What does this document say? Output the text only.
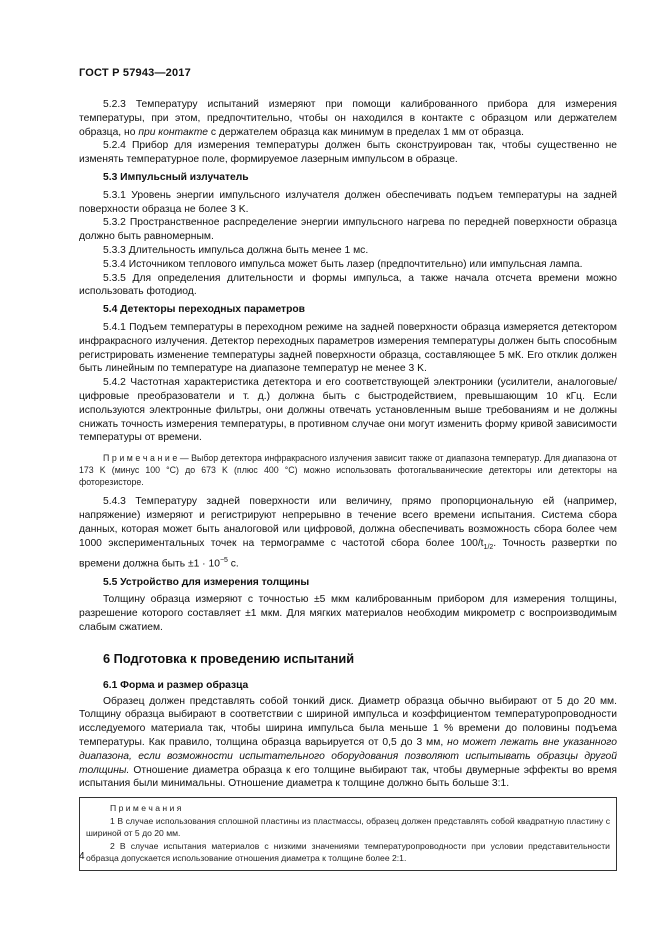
ГОСТ Р 57943—2017

5.2.3 Температуру испытаний измеряют при помощи калиброванного прибора для измерения температуры, при этом, предпочтительно, чтобы он находился в контакте с образцом или держателем образца, но при контакте с держателем образца как минимум в пределах 1 мм от образца.

5.2.4 Прибор для измерения температуры должен быть сконструирован так, чтобы существенно не изменять температурное поле, формируемое лазерным импульсом в образце.

5.3 Импульсный излучатель

5.3.1 Уровень энергии импульсного излучателя должен обеспечивать подъем температуры на задней поверхности образца не более 3 K.

5.3.2 Пространственное распределение энергии импульсного нагрева по передней поверхности образца должно быть равномерным.

5.3.3 Длительность импульса должна быть менее 1 мс.

5.3.4 Источником теплового импульса может быть лазер (предпочтительно) или импульсная лампа.

5.3.5 Для определения длительности и формы импульса, а также начала отсчета времени можно использовать фотодиод.

5.4 Детекторы переходных параметров

5.4.1 Подъем температуры в переходном режиме на задней поверхности образца измеряется детектором инфракрасного излучения. Детектор переходных параметров измерения температуры должен быть способным регистрировать изменение температуры задней поверхности образца, составляющее 5 мК. Его отклик должен быть линейным по температуре на диапазоне температур не менее 3 K.

5.4.2 Частотная характеристика детектора и его соответствующей электроники (усилители, аналоговые/цифровые преобразователи и т. д.) должна быть с быстродействием, превышающим 10 кГц. Если используются электронные фильтры, они должны отвечать установленным выше требованиям и не должны снижать точность измерения температуры, в противном случае они могут изменить форму кривой зависимости температуры от времени.

П р и м е ч а н и е — Выбор детектора инфракрасного излучения зависит также от диапазона температур. Для диапазона от 173 K (минус 100 °С) до 673 K (плюс 400 °С) можно использовать фотогальванические детекторы или детекторы на фоторезисторе.

5.4.3 Температуру задней поверхности или величину, прямо пропорциональную ей (например, напряжение) измеряют и регистрируют непрерывно в течение всего времени испытания. Система сбора данных, которая может быть аналоговой или цифровой, должна обеспечивать возможность сбора более чем 1000 экспериментальных точек на термограмме с частотой сбора более $100/t_{1/2}$. Точность развертки по времени должна быть $\pm 1 \cdot 10^{-5}$ с.

5.5 Устройство для измерения толщины

Толщину образца измеряют с точностью ±5 мкм калиброванным прибором для измерения толщины, разрешение которого составляет ±1 мкм. Для мягких материалов необходим микрометр с воспроизводимым слабым сжатием.

6 Подготовка к проведению испытаний

6.1 Форма и размер образца

Образец должен представлять собой тонкий диск. Диаметр образца обычно выбирают от 5 до 20 мм. Толщину образца выбирают в соответствии с шириной импульса и коэффициентом температуропроводности исследуемого материала так, чтобы ширина импульса была меньше 1 % времени до половины подъема температуры. Как правило, толщина образца варьируется от 0,5 до 3 мм, но может лежать вне указанного диапазона, если возможности испытательного оборудования позволяют испытывать образцы другой толщины. Отношение диаметра образца к его толщине выбирают так, чтобы двумерные эффекты во время испытания были минимальны. Отношение диаметра к толщине должно быть больше 3:1.

П р и м е ч а н и я

1 В случае использования сплошной пластины из пластмассы, образец должен представлять собой квадратную пластину с шириной от 5 до 20 мм.

2 В случае испытания материалов с низкими значениями температуропроводности при условии представительности образца допускается использование отношения диаметра к толщине более 2:1.

4
